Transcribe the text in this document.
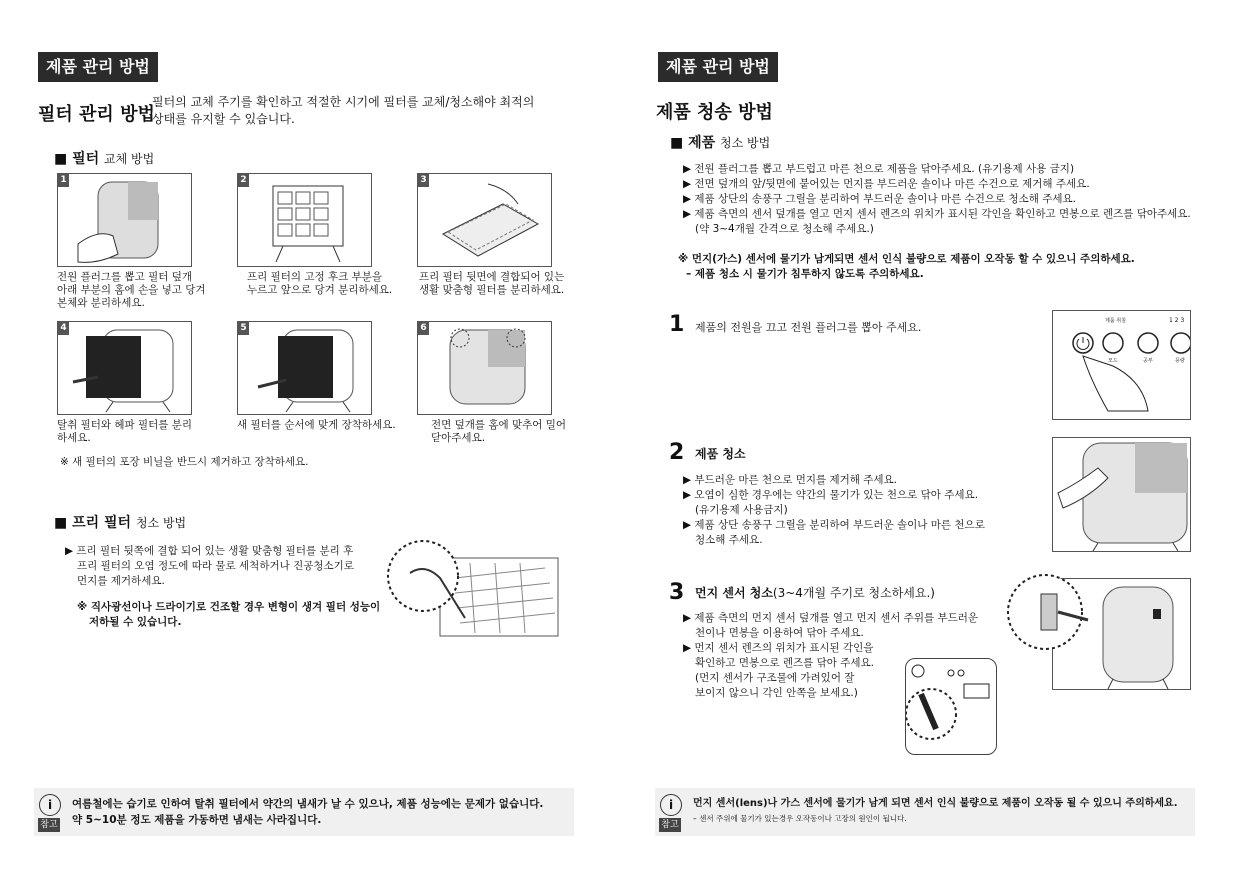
제품 관리 방법
필터 관리 방법
필터의 교체 주기를 확인하고 적절한 시기에 필터를 교체/청소해야 최적의
상태를 유지할 수 있습니다.
■ 필터 교체 방법
1	2	3
전원 플러그를 뽑고 필터 덮개
아래 부분의 홈에 손을 넣고 당겨
본체와 분리하세요.
프리 필터의 고정 후크 부분을
누르고 앞으로 당겨 분리하세요.
프리 필터 뒷면에 결합되어 있는
생활 맞춤형 필터를 분리하세요.
4	5	6
탈취 필터와 헤파 필터를 분리
하세요.
새 필터를 순서에 맞게 장착하세요.	전면 덮개를 홈에 맞추어 밀어
닫아주세요.
※ 새 필터의 포장 비닐을 반드시 제거하고 장착하세요.
■ 프리 필터 청소 방법
▶ 프리 필터 뒷쪽에 결합 되어 있는 생활 맞춤형 필터를 분리 후
프리 필터의 오염 정도에 따라 물로 세척하거나 진공청소기로
먼지를 제거하세요.
※ 직사광선이나 드라이기로 건조할 경우 변형이 생겨 필터 성능이
저하될 수 있습니다.
i
참고
여름철에는 습기로 인하여 탈취 필터에서 약간의 냄새가 날 수 있으나, 제품 성능에는 문제가 없습니다.
약 5~10분 정도 제품을 가동하면 냄새는 사라집니다.
제품 관리 방법
제품 청송 방법
■ 제품 청소 방법
▶ 전원 플러그를 뽑고 부드럽고 마른 천으로 제품을 닦아주세요. (유기용제 사용 금지)
▶ 전면 덮개의 앞/뒷면에 붙어있는 먼지를 부드러운 솔이나 마른 수건으로 제거해 주세요.
▶ 제품 상단의 송풍구 그릴을 분리하여 부드러운 솔이나 마른 수건으로 청소해 주세요.
▶ 제품 측면의 센서 덮개를 열고 먼지 센서 렌즈의 위치가 표시된 각인을 확인하고 면봉으로 렌즈를 닦아주세요.
(약 3~4개월 간격으로 청소해 주세요.)
※ 먼지(가스) 센서에 물기가 남게되면 센서 인식 불량으로 제품이 오작동 할 수 있으니 주의하세요.
– 제품 청소 시 물기가 침투하지 않도록 주의하세요.
1 제품의 전원을 끄고 전원 플러그를 뽑아 주세요.	제품 취침	1 2 3
모드	공부	풍량
2 제품 청소
▶ 부드러운 마른 천으로 먼지를 제거해 주세요.
▶ 오염이 심한 경우에는 약간의 물기가 있는 천으로 닦아 주세요.
(유기용제 사용금지)
▶ 제품 상단 송풍구 그릴을 분리하여 부드러운 솔이나 마른 천으로
청소해 주세요.
3 먼지 센서 청소(3~4개월 주기로 청소하세요.)
▶ 제품 측면의 먼지 센서 덮개를 열고 먼지 센서 주위를 부드러운
천이나 면봉을 이용하여 닦아 주세요.
▶ 먼지 센서 렌즈의 위치가 표시된 각인을
확인하고 면봉으로 렌즈를 닦아 주세요.
(먼지 센서가 구조물에 가려있어 잘
보이지 않으니 각인 안쪽을 보세요.)
i
참고
먼지 센서(lens)나 가스 센서에 물기가 남게 되면 센서 인식 불량으로 제품이 오작동 될 수 있으니 주의하세요.
– 센서 주위에 물기가 있는경우 오작동이나 고장의 원인이 됩니다.
